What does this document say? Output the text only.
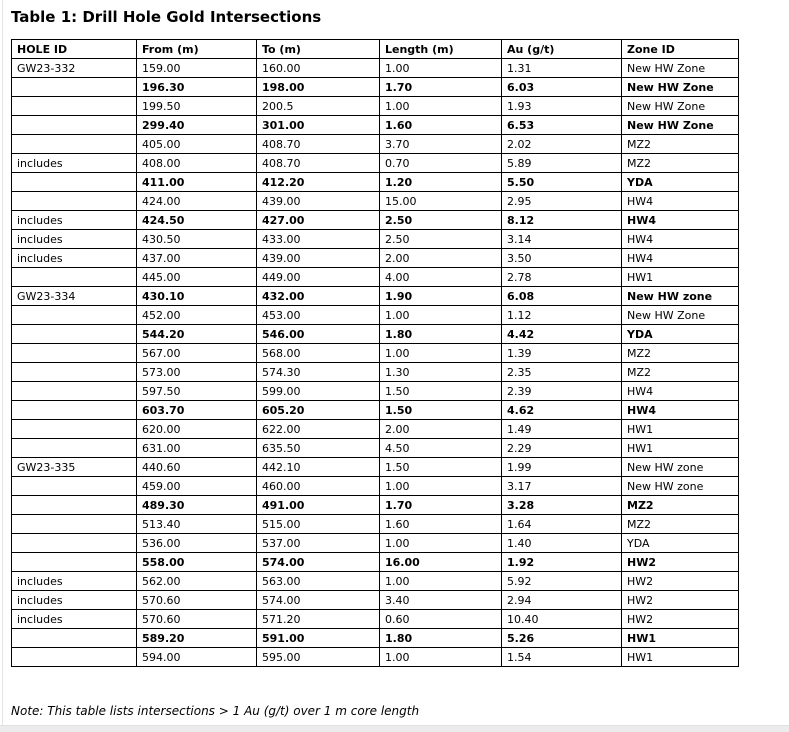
Table 1: Drill Hole Gold Intersections
HOLE ID	From (m)	To (m)	Length (m)	Au (g/t)	Zone ID
GW23-332	159.00	160.00	1.00	1.31	New HW Zone
	196.30	198.00	1.70	6.03	New HW Zone
	199.50	200.5	1.00	1.93	New HW Zone
	299.40	301.00	1.60	6.53	New HW Zone
	405.00	408.70	3.70	2.02	MZ2
includes	408.00	408.70	0.70	5.89	MZ2
	411.00	412.20	1.20	5.50	YDA
	424.00	439.00	15.00	2.95	HW4
includes	424.50	427.00	2.50	8.12	HW4
includes	430.50	433.00	2.50	3.14	HW4
includes	437.00	439.00	2.00	3.50	HW4
	445.00	449.00	4.00	2.78	HW1
GW23-334	430.10	432.00	1.90	6.08	New HW zone
	452.00	453.00	1.00	1.12	New HW Zone
	544.20	546.00	1.80	4.42	YDA
	567.00	568.00	1.00	1.39	MZ2
	573.00	574.30	1.30	2.35	MZ2
	597.50	599.00	1.50	2.39	HW4
	603.70	605.20	1.50	4.62	HW4
	620.00	622.00	2.00	1.49	HW1
	631.00	635.50	4.50	2.29	HW1
GW23-335	440.60	442.10	1.50	1.99	New HW zone
	459.00	460.00	1.00	3.17	New HW zone
	489.30	491.00	1.70	3.28	MZ2
	513.40	515.00	1.60	1.64	MZ2
	536.00	537.00	1.00	1.40	YDA
	558.00	574.00	16.00	1.92	HW2
includes	562.00	563.00	1.00	5.92	HW2
includes	570.60	574.00	3.40	2.94	HW2
includes	570.60	571.20	0.60	10.40	HW2
	589.20	591.00	1.80	5.26	HW1
	594.00	595.00	1.00	1.54	HW1
Note: This table lists intersections > 1 Au (g/t) over 1 m core length
